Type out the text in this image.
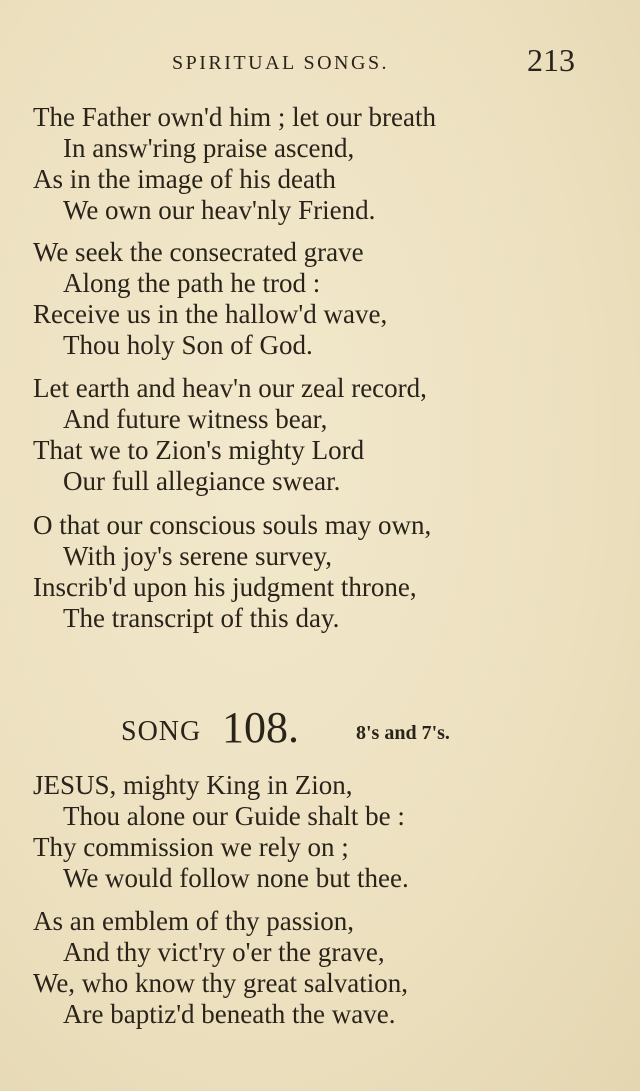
SPIRITUAL SONGS.	213
The Father own'd him ; let our breath
In answ'ring praise ascend,
As in the image of his death
We own our heav'nly Friend.
We seek the consecrated grave
Along the path he trod :
Receive us in the hallow'd wave,
Thou holy Son of God.
Let earth and heav'n our zeal record,
And future witness bear,
That we to Zion's mighty Lord
Our full allegiance swear.
O that our conscious souls may own,
With joy's serene survey,
Inscrib'd upon his judgment throne,
The transcript of this day.
SONG 108.	8's and 7's.
JESUS, mighty King in Zion,
Thou alone our Guide shalt be :
Thy commission we rely on ;
We would follow none but thee.
As an emblem of thy passion,
And thy vict'ry o'er the grave,
We, who know thy great salvation,
Are baptiz'd beneath the wave.
